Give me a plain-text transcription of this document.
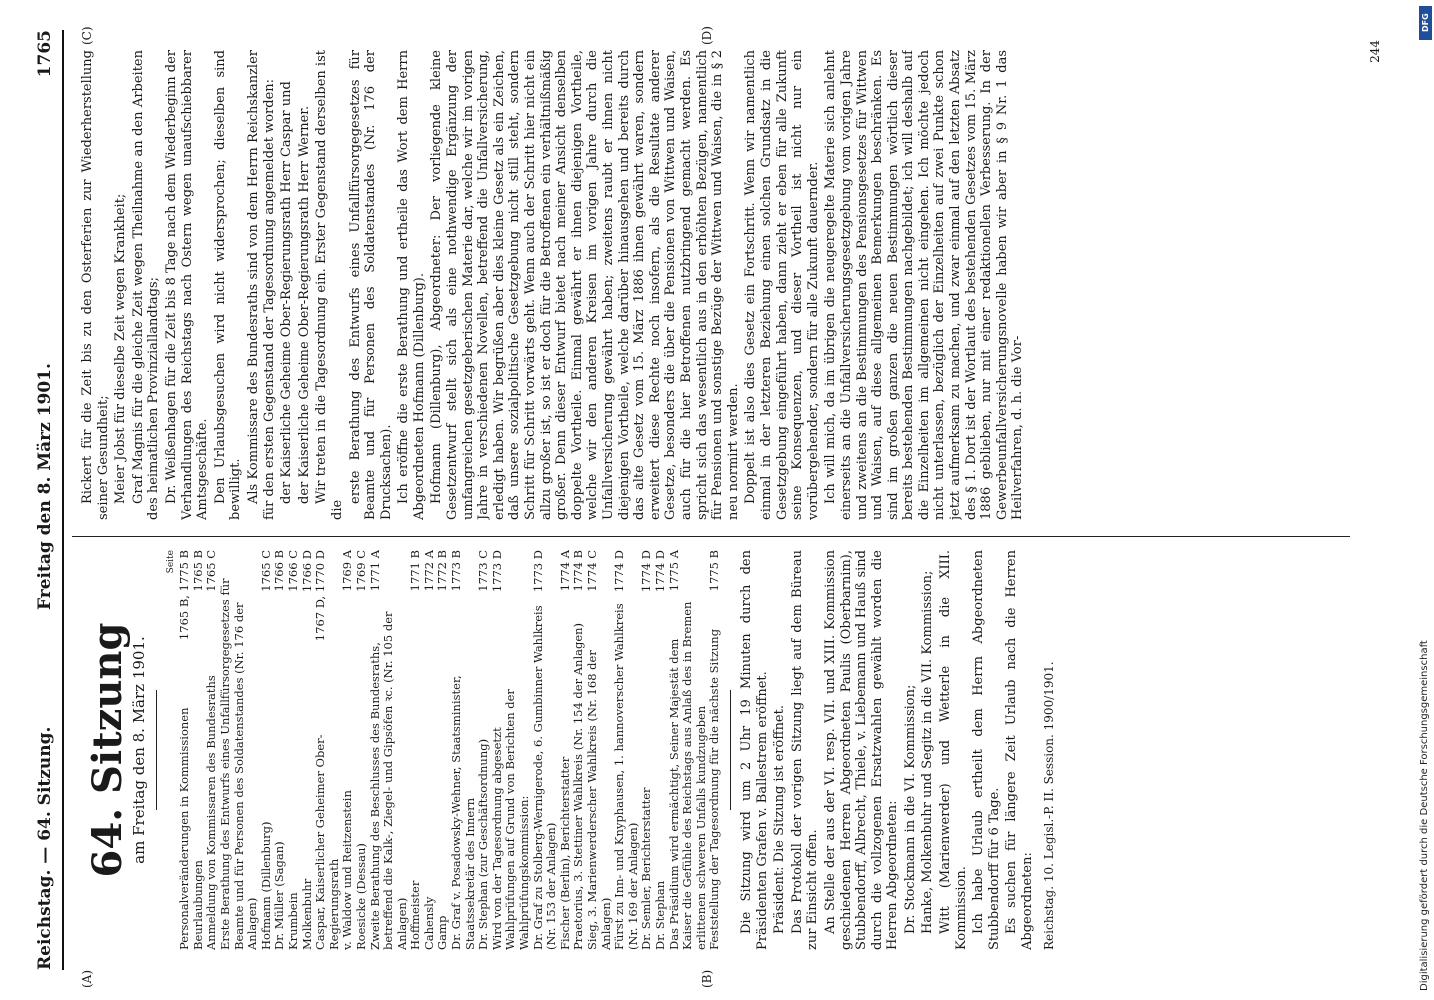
Reichstag. — 64. Sitzung.
Freitag den 8. März 1901.
1765
(A)	(B)
(C)	(D)
64. Sitzung am Freitag den 8. März 1901.
Seite
Personalveränderungen in Kommissionen
1765 B, 1775 B
Beurlaubungen
1765 B
Anmeldung von Kommissaren des Bundesraths
1765 C
Erste Berathung des Entwurfs eines Unfallfürsorgegesetzes für Beamte und für Personen des Soldatenstandes (Nr. 176 der Anlagen) Hofmann (Dillenburg)
1765 C
Dr. Müller (Sagan)
1766 B
Krumbein
1766 C
Molkenbuhr
1766 D
Caspar, Kaiserlicher Geheimer Ober-Regierungsrath
1767 D, 1770 D
v. Waldow und Reitzenstein
1769 A
Roesicke (Dessau)
1769 C
Zweite Berathung des Beschlusses des Bundesraths, betreffend die Kalk-, Ziegel- und Gipsöfen ꝛc. (Nr. 105 der Anlagen)
1771 A
Hoffmeister
1771 B
Cahensly
1772 A
Gamp
1772 B
Dr. Graf v. Posadowsky-Wehner, Staatsminister, Staatssekretär des Innern
1773 B
Dr. Stephan (zur Geschäftsordnung)
1773 C
Wird von der Tagesordnung abgesetzt
1773 D
Wahlprüfungen auf Grund von Berichten der Wahlprüfungskommission: Dr. Graf zu Stolberg-Wernigerode, 6. Gumbinner Wahlkreis (Nr. 153 der Anlagen)
1773 D
Fischer (Berlin), Berichterstatter
1774 A
Praetorius, 3. Stettiner Wahlkreis (Nr. 154 der Anlagen)
1774 B
Sieg, 3. Marienwerderscher Wahlkreis (Nr. 168 der Anlagen)
1774 C
Fürst zu Inn- und Knyphausen, 1. hannoverscher Wahlkreis (Nr. 169 der Anlagen)
1774 D
Dr. Semler, Berichterstatter
1774 D
Dr. Stephan
1774 D
Das Präsidium wird ermächtigt, Seiner Majestät dem Kaiser die Gefühle des Reichstags aus Anlaß des in Bremen erlittenen schweren Unfalls kundzugeben
1775 A
Feststellung der Tagesordnung für die nächste Sitzung
1775 B Die Sitzung wird um 2 Uhr 19 Minuten durch den Präsidenten Grafen v. Ballestrem eröffnet. Präsident: Die Sitzung ist eröffnet. Das Protokoll der vorigen Sitzung liegt auf dem Büreau zur Einsicht offen. An Stelle der aus der VI. resp. VII. und XIII. Kommission geschiedenen Herren Abgeordneten Paulis (Oberbarnim), Stubbendorff, Albrecht, Thiele, v. Liebemann und Hauß sind durch die vollzogenen Ersatzwahlen gewählt worden die Herren Abgeordneten: Dr. Stockmann in die VI. Kommission; Hanke, Molkenbuhr und Segitz in die VII. Kommission; Witt (Marienwerder) und Wetterle in die XIII. Kommission. Ich habe Urlaub ertheilt dem Herrn Abgeordneten Stubbendorff für 6 Tage. Es suchen für längere Zeit Urlaub nach die Herren Abgeordneten: Reichstag. 10. Legisl.-P. II. Session. 1900/1901.

Rickert für die Zeit bis zu den Osterferien zur Wiederherstellung seiner Gesundheit; Meier Jobst für dieselbe Zeit wegen Krankheit; Graf Magnis für die gleiche Zeit wegen Theilnahme an den Arbeiten des heimatlichen Provinziallandtags; Dr. Weißenhagen für die Zeit bis 8 Tage nach dem Wiederbeginn der Verhandlungen des Reichstags nach Ostern wegen unaufschiebbarer Amtsgeschäfte. Den Urlaubsgesuchen wird nicht widersprochen; dieselben sind bewilligt. Als Kommissare des Bundesraths sind von dem Herrn Reichskanzler für den ersten Gegenstand der Tagesordnung angemeldet worden: der Kaiserliche Geheime Ober-Regierungsrath Herr Caspar und der Kaiserliche Geheime Ober-Regierungsrath Herr Werner. Wir treten in die Tagesordnung ein. Erster Gegenstand derselben ist die

erste Berathung des Entwurfs eines Unfallfürsorgegesetzes für Beamte und für Personen des Soldatenstandes (Nr. 176 der Drucksachen). Ich eröffne die erste Berathung und ertheile das Wort dem Herrn Abgeordneten Hofmann (Dillenburg). Hofmann (Dillenburg), Abgeordneter: Der vorliegende kleine Gesetzentwurf stellt sich als eine nothwendige Ergänzung der umfangreichen gesetzgeberischen Materie dar, welche wir im vorigen Jahre in verschiedenen Novellen, betreffend die Unfallversicherung, erledigt haben. Wir begrüßen aber dies kleine Gesetz als ein Zeichen, daß unsere sozialpolitische Gesetzgebung nicht still steht, sondern Schritt für Schritt vorwärts geht. Wenn auch der Schritt hier nicht ein allzu großer ist, so ist er doch für die Betroffenen ein verhältnißmäßig großer. Denn dieser Entwurf bietet nach meiner Ansicht denselben doppelte Vortheile. Einmal gewährt er ihnen diejenigen Vortheile, welche wir den anderen Kreisen im vorigen Jahre durch die Unfallversicherung gewährt haben; zweitens raubt er ihnen nicht diejenigen Vortheile, welche darüber hinausgehen und bereits durch das alte Gesetz vom 15. März 1886 ihnen gewährt waren, sondern erweitert diese Rechte noch insofern, als die Resultate anderer Gesetze, besonders die über die Pensionen von Wittwen und Waisen, auch für die hier Betroffenen nutzbringend gemacht werden. Es spricht sich das wesentlich aus in den erhöhten Bezügen, namentlich für Pensionen und sonstige Bezüge der Wittwen und Waisen, die in § 2 neu normirt werden. Doppelt ist also dies Gesetz ein Fortschritt. Wenn wir namentlich einmal in der letzteren Beziehung einen solchen Grundsatz in die Gesetzgebung eingeführt haben, dann zieht er eben für alle Zukunft seine Konsequenzen, und dieser Vortheil ist nicht nur ein vorübergehender, sondern für alle Zukunft dauernder. Ich will mich, da im übrigen die neugeregelte Materie sich anlehnt einerseits an die Unfallversicherungsgesetzgebung vom vorigen Jahre und zweitens an die Bestimmungen des Pensionsgesetzes für Wittwen und Waisen, auf diese allgemeinen Bemerkungen beschränken. Es sind im großen ganzen die neuen Bestimmungen wörtlich dieser bereits bestehenden Bestimmungen nachgebildet; ich will deshalb auf die Einzelheiten im allgemeinen nicht eingehen. Ich möchte jedoch nicht unterlassen, bezüglich der Einzelheiten auf zwei Punkte schon jetzt aufmerksam zu machen, und zwar einmal auf den letzten Absatz des § 1. Dort ist der Wortlaut des bestehenden Gesetzes vom 15. März 1886 geblieben, nur mit einer redaktionellen Verbesserung. In der Gewerbeunfallversicherungsnovelle haben wir aber in § 9 Nr. 1 das Heilverfahren, d. h. die Vor-

244
DFG
Digitalisierung gefördert durch die Deutsche Forschungsgemeinschaft
